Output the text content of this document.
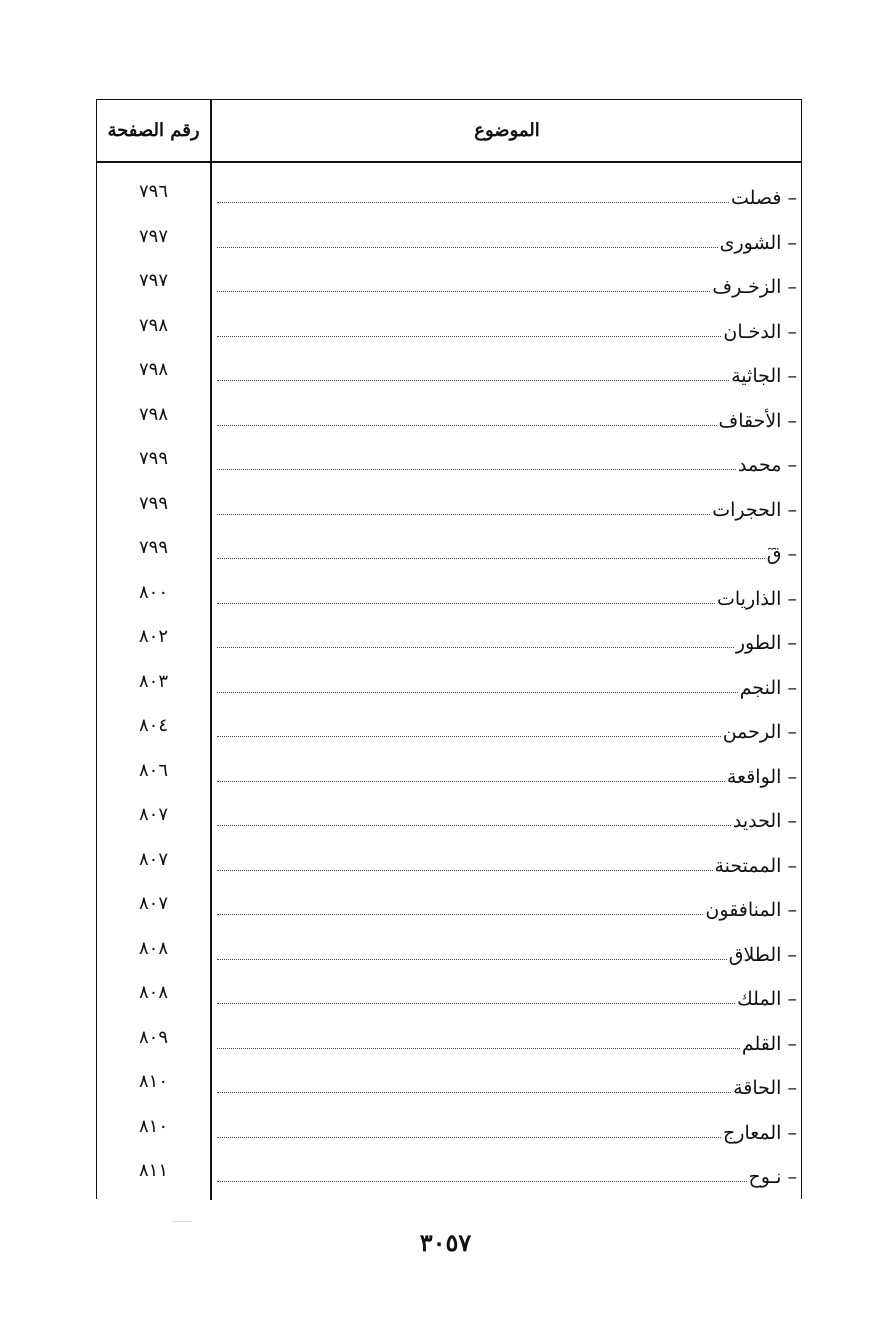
رقم الصفحة	الموضوع
٧٩٦	– فصلت
٧٩٧	– الشورى
٧٩٧	– الزخـرف
٧٩٨	– الدخـان
٧٩٨	– الجاثية
٧٩٨	– الأحقاف
٧٩٩	– محمد
٧٩٩	– الحجرات
٧٩٩	– قٓ
٨٠٠	– الذاريات
٨٠٢	– الطور
٨٠٣	– النجم
٨٠٤	– الرحمن
٨٠٦	– الواقعة
٨٠٧	– الحديد
٨٠٧	– الممتحنة
٨٠٧	– المنافقون
٨٠٨	– الطلاق
٨٠٨	– الملك
٨٠٩	– القلم
٨١٠	– الحاقة
٨١٠	– المعارج
٨١١	– نـوح
٣٠٥٧
